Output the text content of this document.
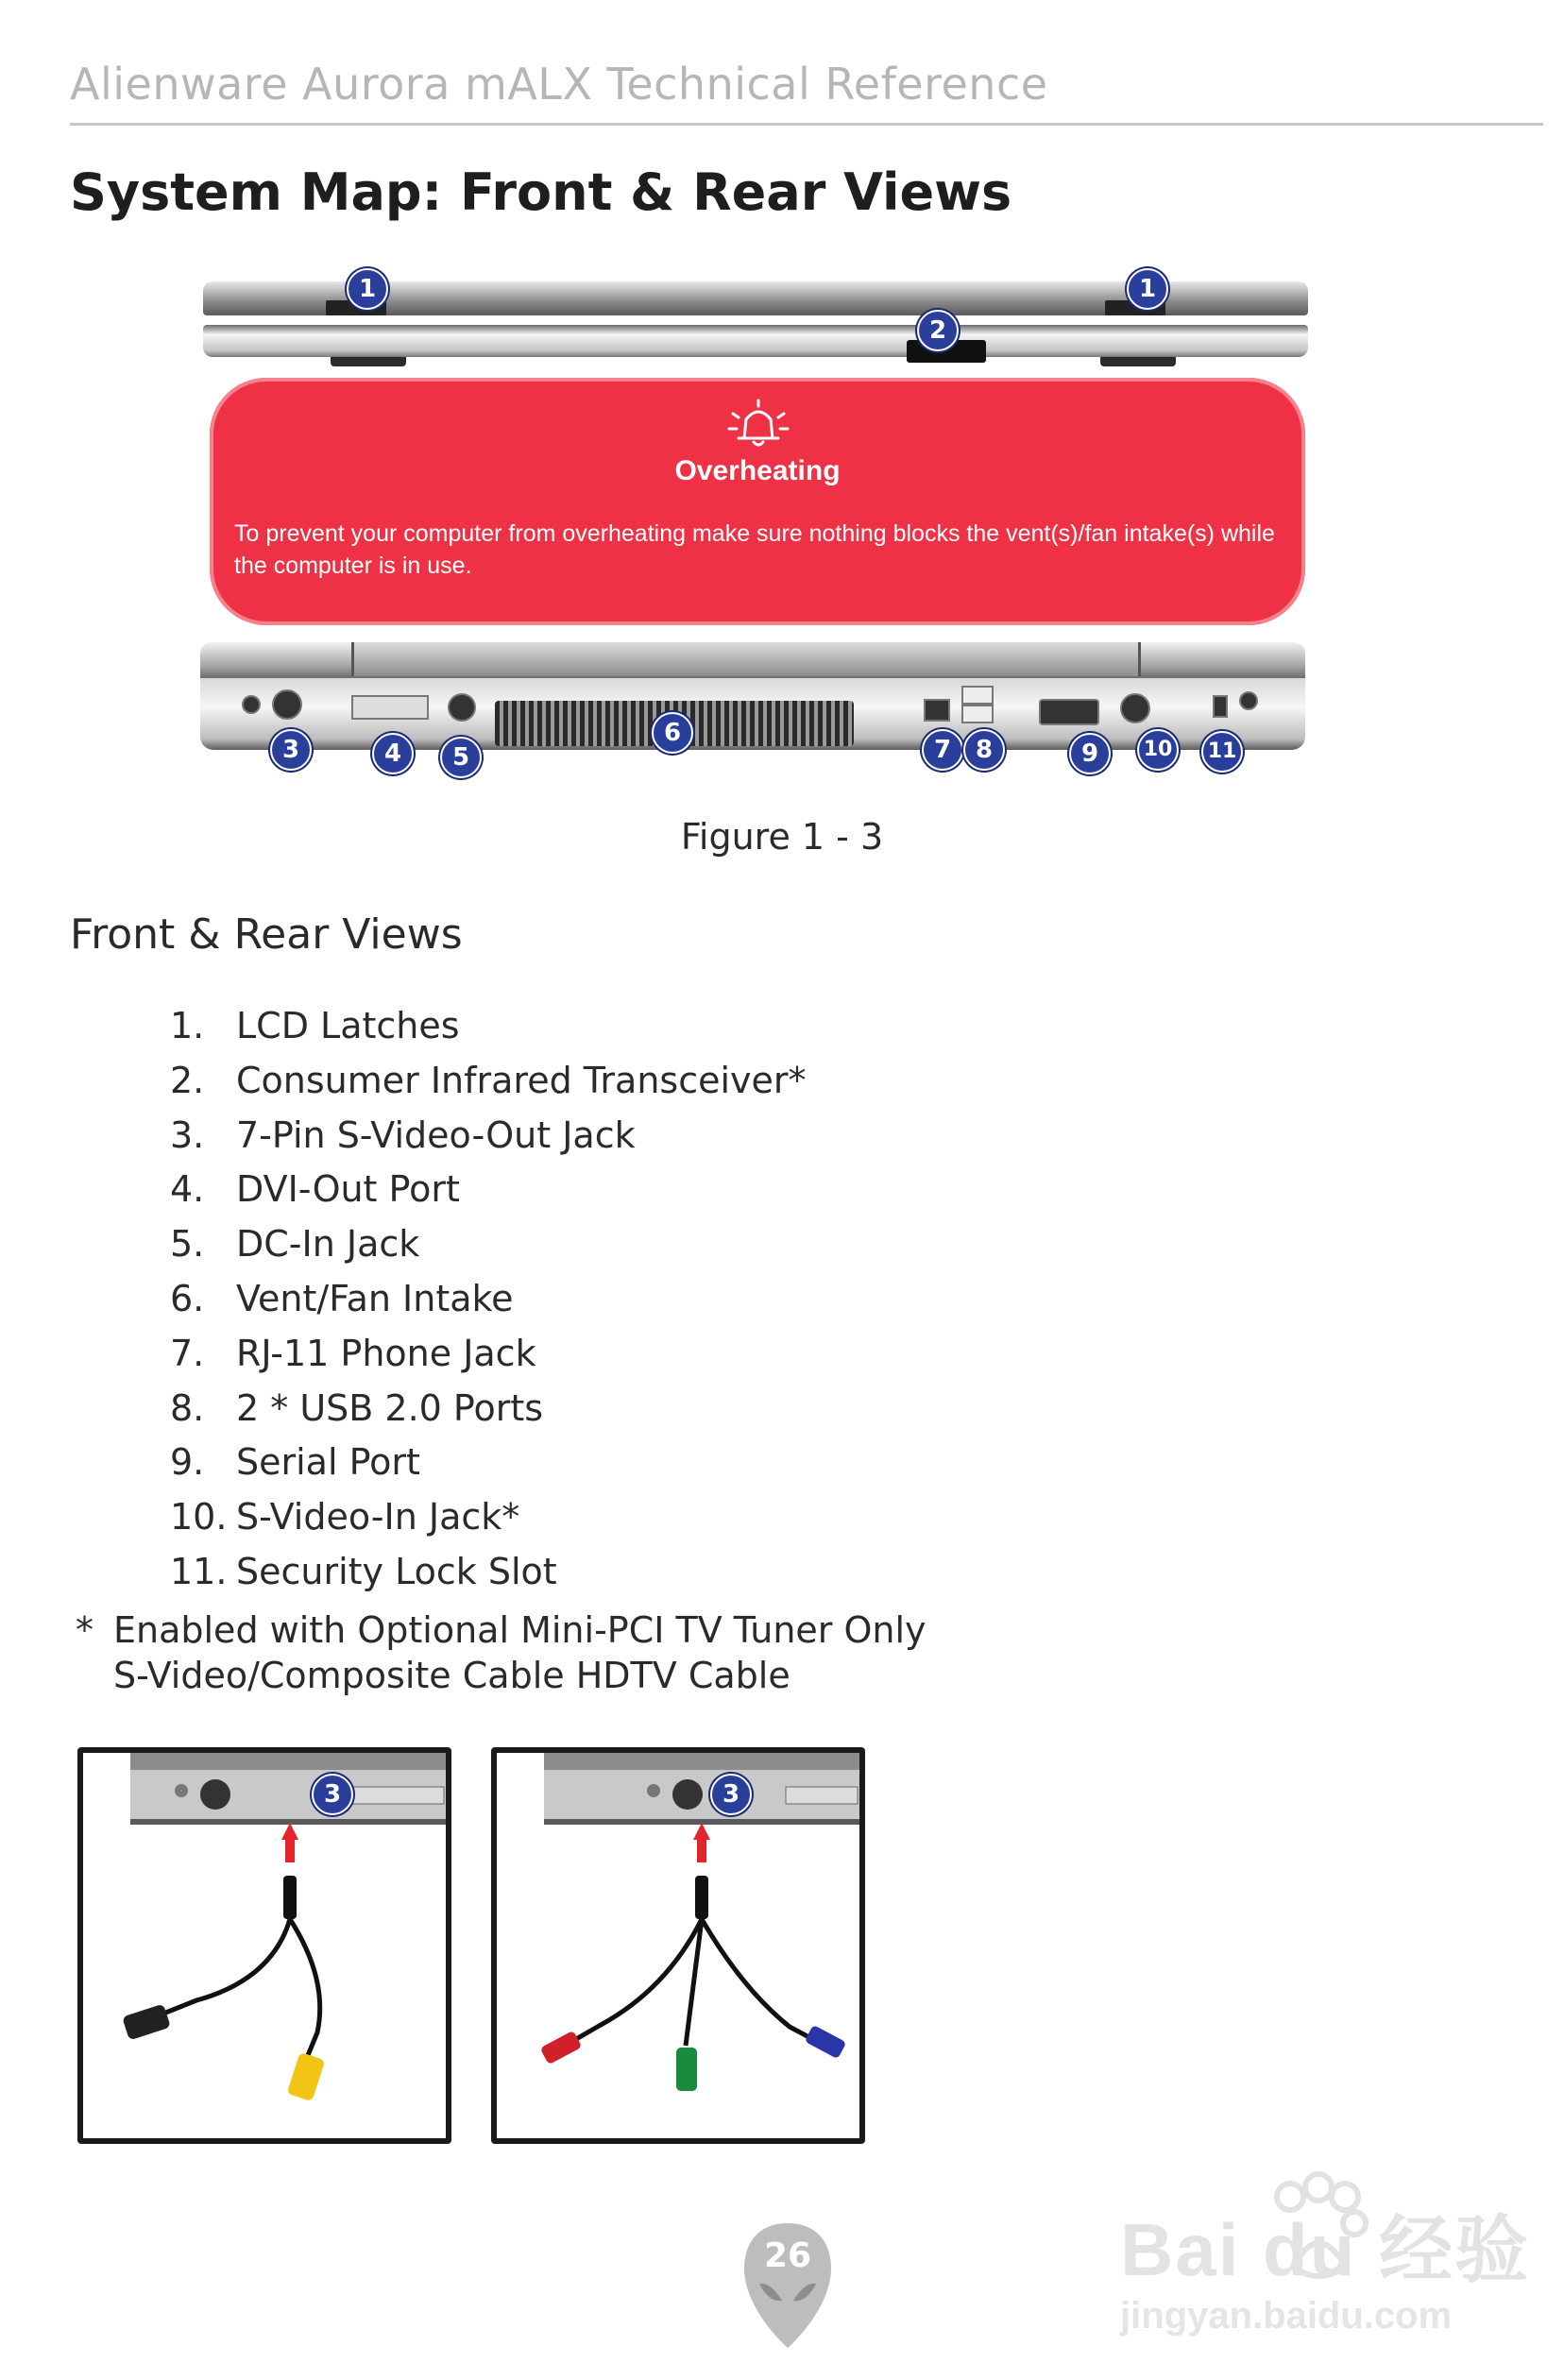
Alienware Aurora mALX Technical Reference
System Map: Front & Rear Views
1	1
2
Overheating
To prevent your computer from overheating make sure nothing blocks the vent(s)/fan intake(s) while the computer is in use.
3	4	5
6
7 8	9	10	11
Figure 1 - 3
Front & Rear Views
1. LCD Latches
2. Consumer Infrared Transceiver*
3. 7-Pin S-Video-Out Jack
4. DVI-Out Port
5. DC-In Jack
6. Vent/Fan Intake
7. RJ-11 Phone Jack
8. 2 * USB 2.0 Ports
9. Serial Port
10. S-Video-In Jack*
11. Security Lock Slot
* Enabled with Optional Mini-PCI TV Tuner Only
S-Video/Composite Cable HDTV Cable
3	3
26	Bai du 经验
jingyan.baidu.com
